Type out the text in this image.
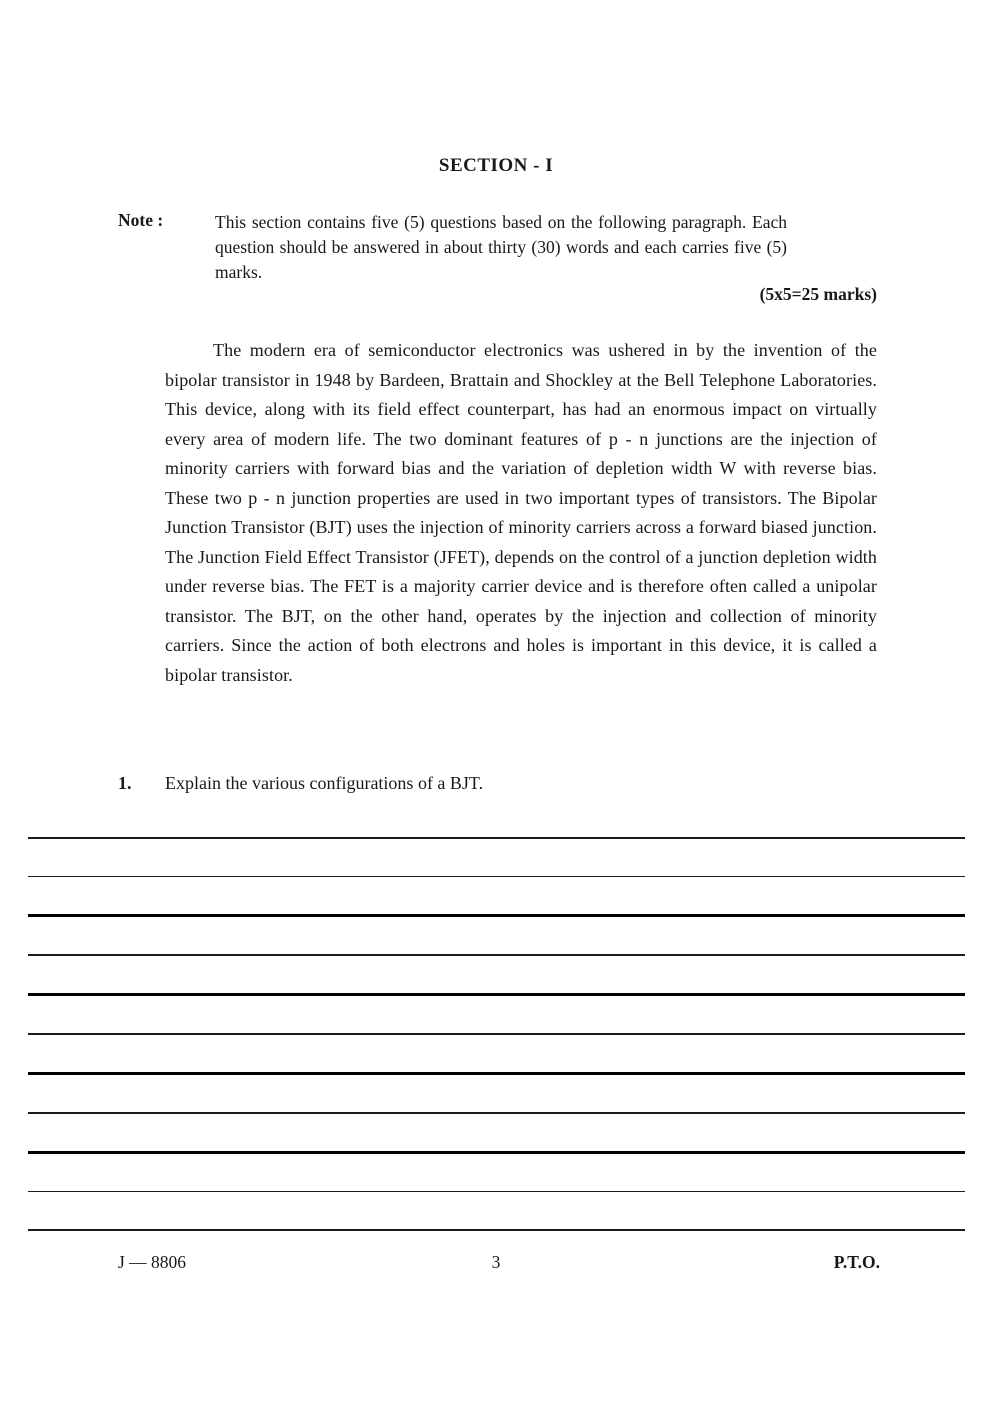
SECTION - I
Note :	This section contains five (5) questions based on the following paragraph. Each question should be answered in about thirty (30) words and each carries five (5) marks.
(5x5=25 marks)

The modern era of semiconductor electronics was ushered in by the invention of the bipolar transistor in 1948 by Bardeen, Brattain and Shockley at the Bell Telephone Laboratories. This device, along with its field effect counterpart, has had an enormous impact on virtually every area of modern life. The two dominant features of p - n junctions are the injection of minority carriers with forward bias and the variation of depletion width W with reverse bias. These two p - n junction properties are used in two important types of transistors. The Bipolar Junction Transistor (BJT) uses the injection of minority carriers across a forward biased junction. The Junction Field Effect Transistor (JFET), depends on the control of a junction depletion width under reverse bias. The FET is a majority carrier device and is therefore often called a unipolar transistor. The BJT, on the other hand, operates by the injection and collection of minority carriers. Since the action of both electrons and holes is important in this device, it is called a bipolar transistor.

1. Explain the various configurations of a BJT.
J — 8806	3	P.T.O.
